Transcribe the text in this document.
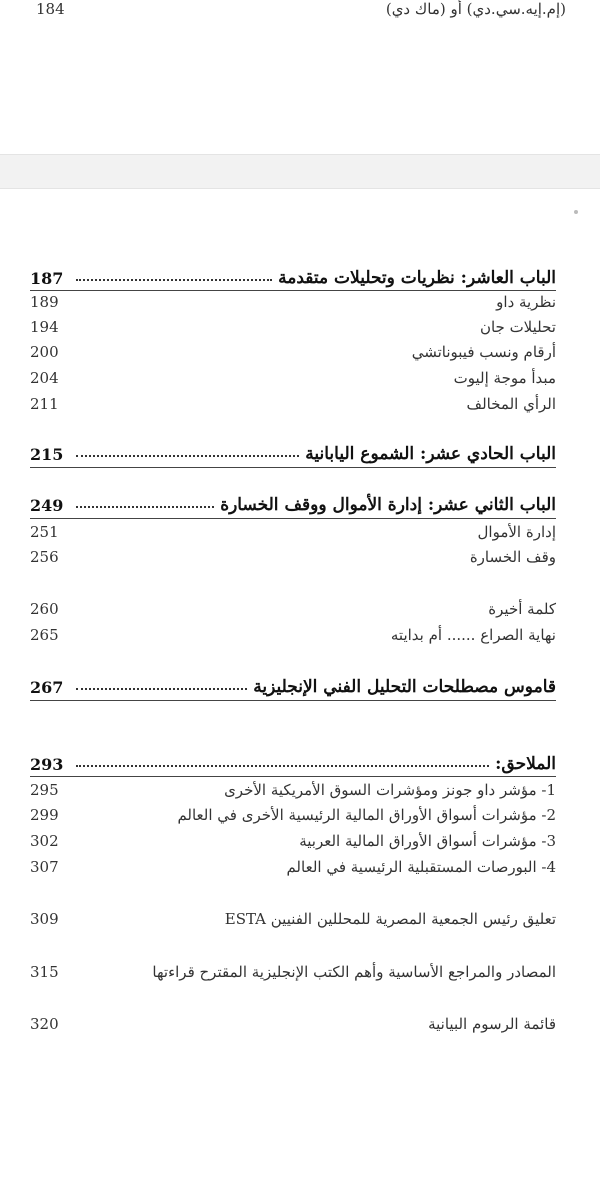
184	(إم.إيه.سي.دي) أو (ماك دي)
187	الباب العاشر: نظريات وتحليلات متقدمة
189	نظرية داو
194	تحليلات جان
200	أرقام ونسب فيبوناتشي
204	مبدأ موجة إليوت
211	الرأي المخالف
215	الباب الحادي عشر: الشموع اليابانية
249	الباب الثاني عشر: إدارة الأموال ووقف الخسارة
251	إدارة الأموال
256	وقف الخسارة
260	كلمة أخيرة
265	نهاية الصراع ...... أم بدايته
267	قاموس مصطلحات التحليل الفني الإنجليزية
293	الملاحق:
295	1- مؤشر داو جونز ومؤشرات السوق الأمريكية الأخرى
299	2- مؤشرات أسواق الأوراق المالية الرئيسية الأخرى في العالم
302	3- مؤشرات أسواق الأوراق المالية العربية
307	4- البورصات المستقبلية الرئيسية في العالم
309	تعليق رئيس الجمعية المصرية للمحللين الفنيين ESTA
315	المصادر والمراجع الأساسية وأهم الكتب الإنجليزية المقترح قراءتها
320	قائمة الرسوم البيانية
